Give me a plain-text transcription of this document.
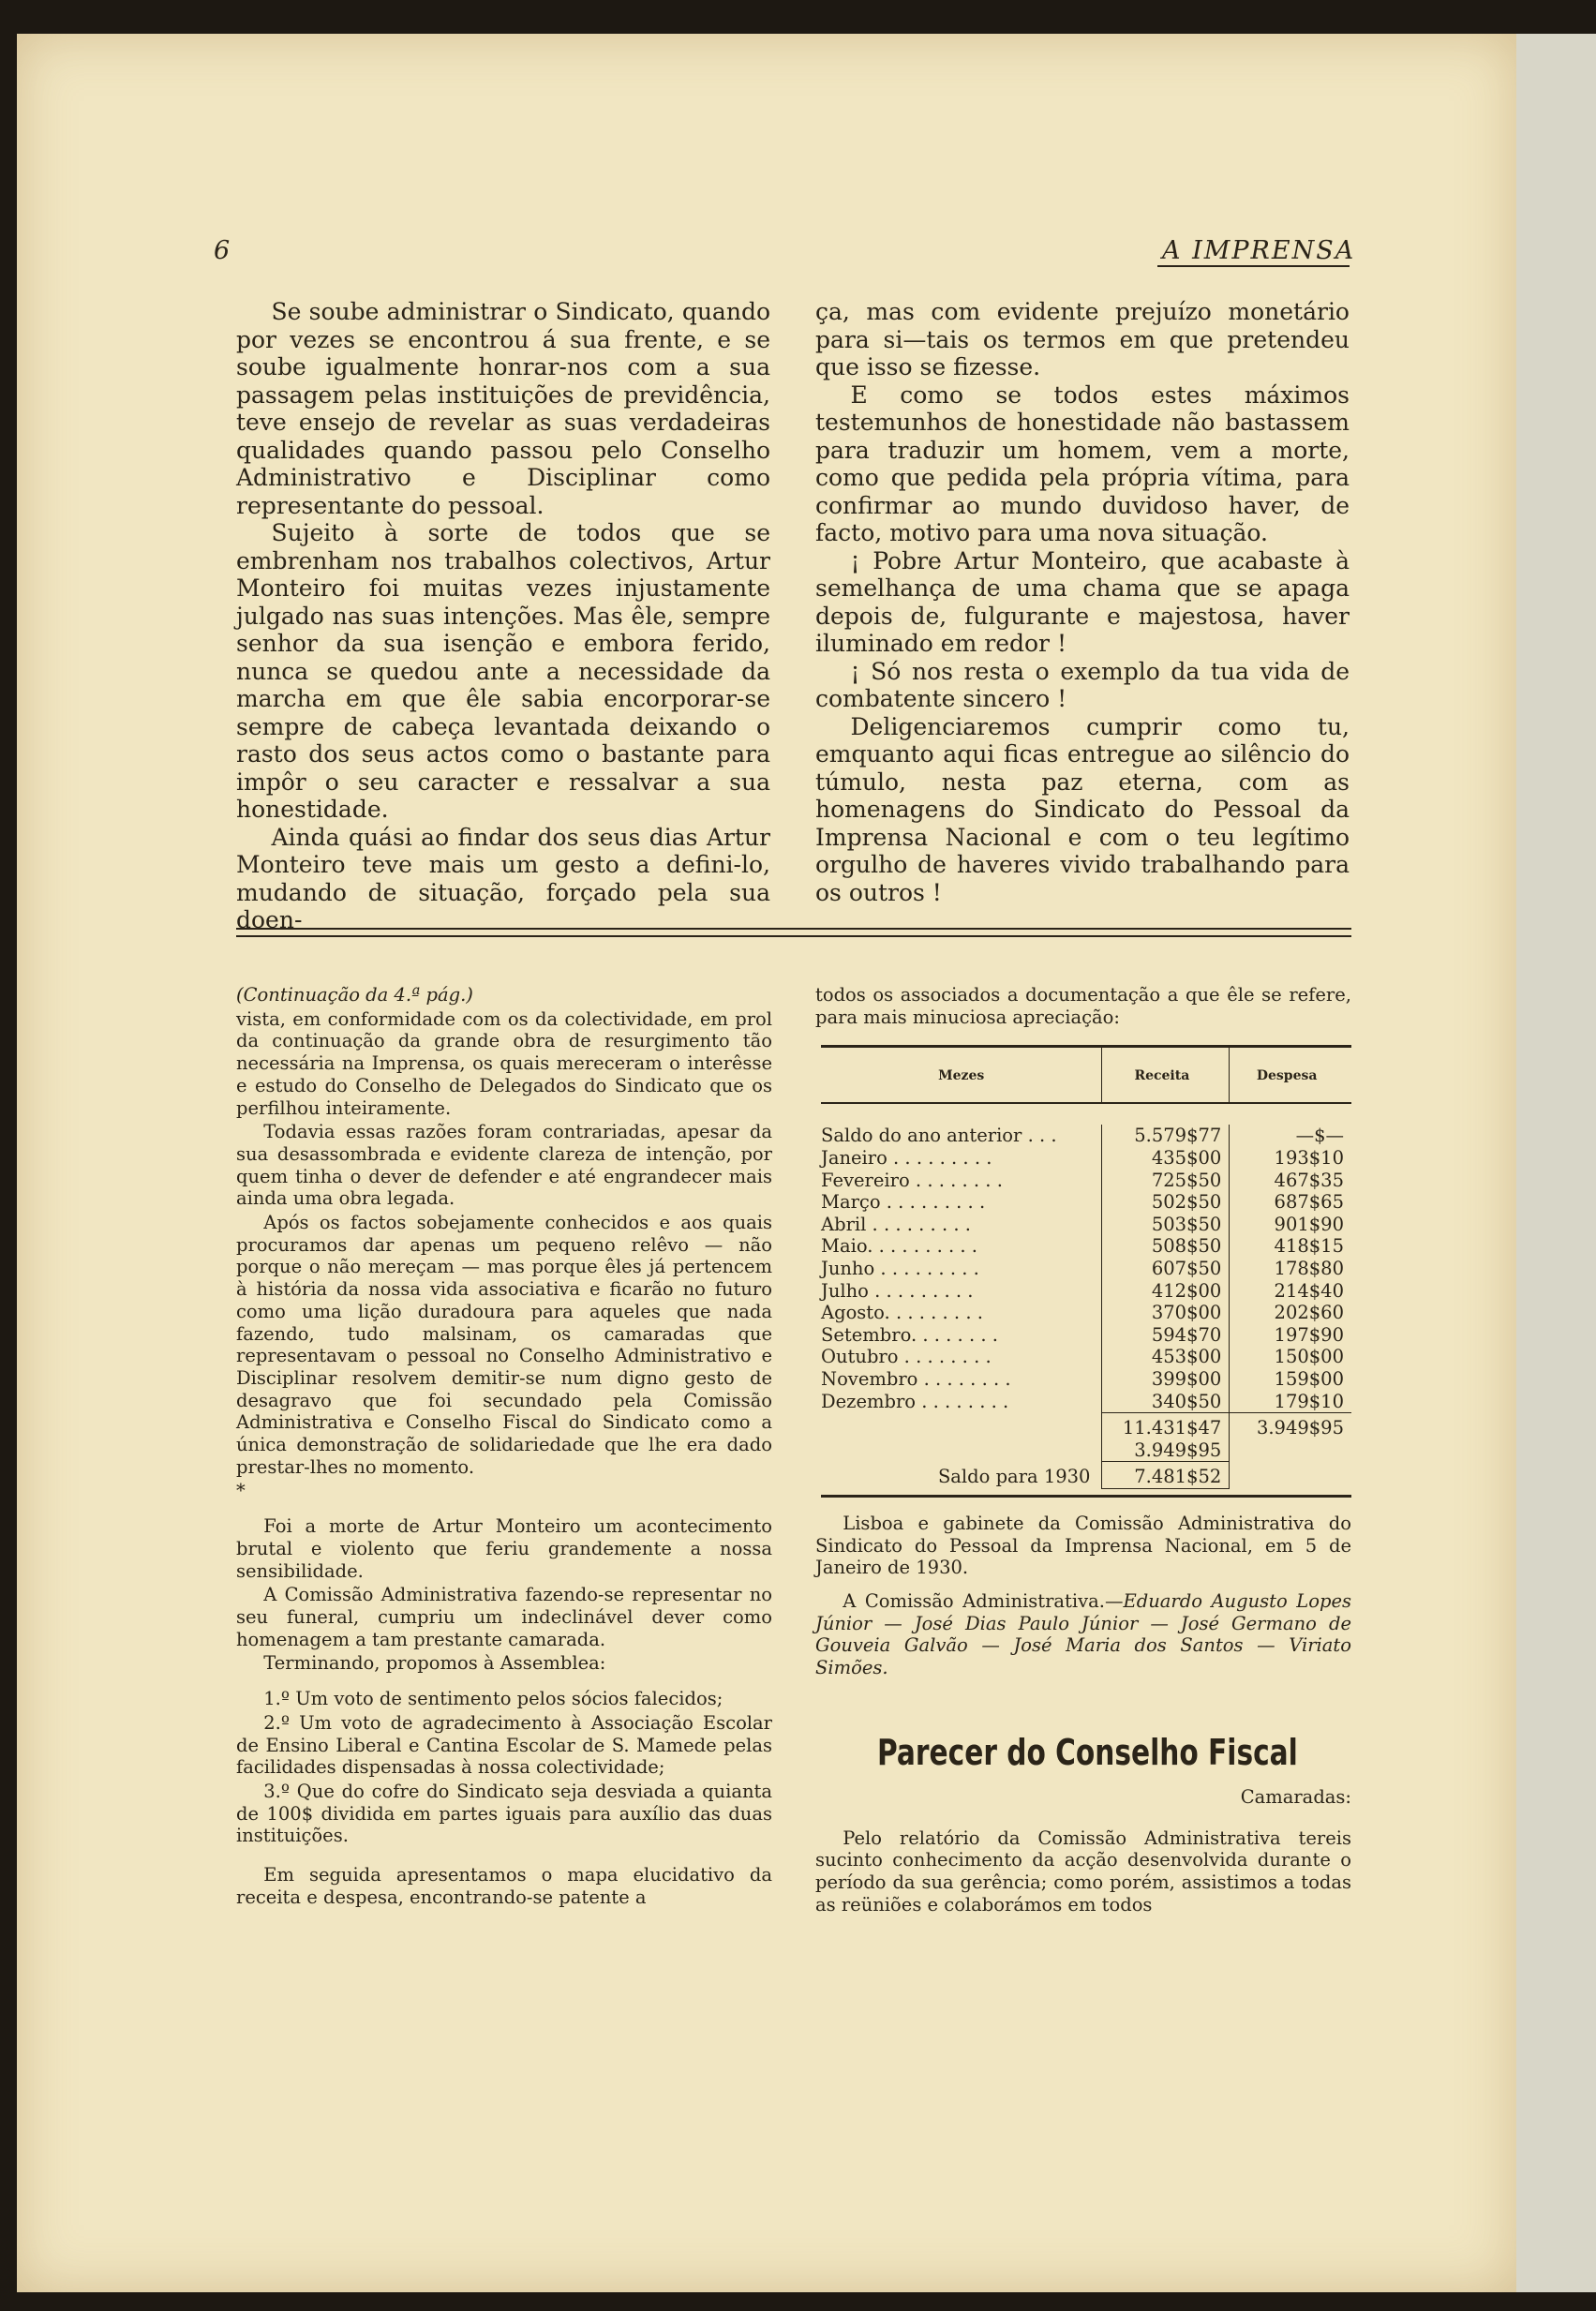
6	A IMPRENSA

Se soube administrar o Sindicato, quando por vezes se encontrou á sua frente, e se soube igualmente honrar-nos com a sua passagem pelas instituições de previdência, teve ensejo de revelar as suas verdadeiras qualidades quando passou pelo Conselho Administrativo e Disciplinar como representante do pessoal.

Sujeito à sorte de todos que se embrenham nos trabalhos colectivos, Artur Monteiro foi muitas vezes injustamente julgado nas suas intenções. Mas êle, sempre senhor da sua isenção e embora ferido, nunca se quedou ante a necessidade da marcha em que êle sabia encorporar-se sempre de cabeça levantada deixando o rasto dos seus actos como o bastante para impôr o seu caracter e ressalvar a sua honestidade.

Ainda quási ao findar dos seus dias Artur Monteiro teve mais um gesto a defini-lo, mudando de situação, forçado pela sua doen-

ça, mas com evidente prejuízo monetário para si—tais os termos em que pretendeu que isso se fizesse.

E como se todos estes máximos testemunhos de honestidade não bastassem para traduzir um homem, vem a morte, como que pedida pela própria vítima, para confirmar ao mundo duvidoso haver, de facto, motivo para uma nova situação.

¡ Pobre Artur Monteiro, que acabaste à semelhança de uma chama que se apaga depois de, fulgurante e majestosa, haver iluminado em redor !

¡ Só nos resta o exemplo da tua vida de combatente sincero !

Deligenciaremos cumprir como tu, emquanto aqui ficas entregue ao silêncio do túmulo, nesta paz eterna, com as homenagens do Sindicato do Pessoal da Imprensa Nacional e com o teu legítimo orgulho de haveres vivido trabalhando para os outros !

(Continuação da 4.ª pág.)

vista, em conformidade com os da colectividade, em prol da continuação da grande obra de resurgimento tão necessária na Imprensa, os quais mereceram o interêsse e estudo do Conselho de Delegados do Sindicato que os perfilhou inteiramente.

Todavia essas razões foram contrariadas, apesar da sua desassombrada e evidente clareza de intenção, por quem tinha o dever de defender e até engrandecer mais ainda uma obra legada.

Após os factos sobejamente conhecidos e aos quais procuramos dar apenas um pequeno relêvo — não porque o não mereçam — mas porque êles já pertencem à história da nossa vida associativa e ficarão no futuro como uma lição duradoura para aqueles que nada fazendo, tudo malsinam, os camaradas que representavam o pessoal no Conselho Administrativo e Disciplinar resolvem demitir-se num digno gesto de desagravo que foi secundado pela Comissão Administrativa e Conselho Fiscal do Sindicato como a única demonstração de solidariedade que lhe era dado prestar-lhes no momento.

*

Foi a morte de Artur Monteiro um acontecimento brutal e violento que feriu grandemente a nossa sensibilidade.

A Comissão Administrativa fazendo-se representar no seu funeral, cumpriu um indeclinável dever como homenagem a tam prestante camarada.

Terminando, propomos à Assemblea:

1.º Um voto de sentimento pelos sócios falecidos;

2.º Um voto de agradecimento à Associação Escolar de Ensino Liberal e Cantina Escolar de S. Mamede pelas facilidades dispensadas à nossa colectividade;

3.º Que do cofre do Sindicato seja desviada a quianta de 100$ dividida em partes iguais para auxílio das duas instituições.

Em seguida apresentamos o mapa elucidativo da receita e despesa, encontrando-se patente a

todos os associados a documentação a que êle se refere, para mais minuciosa apreciação:

Mezes	Receita	Despesa

Saldo do ano anterior . . .	5.579$77	—$—
Janeiro . . . . . . . . .	435$00	193$10
Fevereiro . . . . . . . .	725$50	467$35
Março . . . . . . . . .	502$50	687$65
Abril . . . . . . . . .	503$50	901$90
Maio. . . . . . . . . .	508$50	418$15
Junho . . . . . . . . .	607$50	178$80
Julho . . . . . . . . .	412$00	214$40
Agosto. . . . . . . . .	370$00	202$60
Setembro. . . . . . . .	594$70	197$90
Outubro . . . . . . . .	453$00	150$00
Novembro . . . . . . . .	399$00	159$00
Dezembro . . . . . . . .	340$50	179$10
	11.431$47	3.949$95
	3.949$95	
Saldo para 1930	7.481$52	

Lisboa e gabinete da Comissão Administrativa do Sindicato do Pessoal da Imprensa Nacional, em 5 de Janeiro de 1930.

A Comissão Administrativa.—Eduardo Augusto Lopes Júnior — José Dias Paulo Júnior — José Germano de Gouveia Galvão — José Maria dos Santos — Viriato Simões.

Parecer do Conselho Fiscal

Camaradas:

Pelo relatório da Comissão Administrativa tereis sucinto conhecimento da acção desenvolvida durante o período da sua gerência; como porém, assistimos a todas as reüniões e colaborámos em todos
